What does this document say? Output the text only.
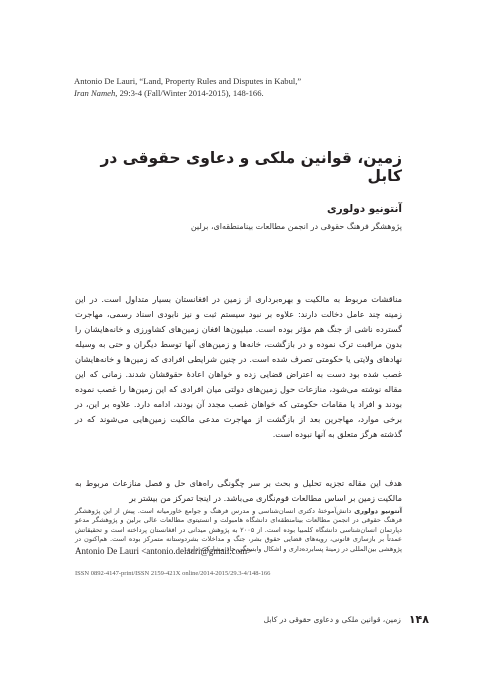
Antonio De Lauri, “Land, Property Rules and Disputes in Kabul,”
Iran Nameh, 29:3-4 (Fall/Winter 2014-2015), 148-166.
زمین، قوانین ملکی و دعاوی حقوقی در کابل
آنتونیو دولوری
پژوهشگر فرهنگ حقوقی در انجمن مطالعات بینامنطقه‌ای، برلین
مناقشات مربوط به مالکیت و بهره‌برداری از زمین در افغانستان بسیار متداول است. در این زمینه چند عامل دخالت دارند: علاوه بر نبود سیستم ثبت و نیز نابودی اسناد رسمی، مهاجرت گسترده ناشی از جنگ هم مؤثر بوده است. میلیون‌ها افغان زمین‌های کشاورزی و خانه‌هایشان را بدون مراقبت ترک نموده و در بازگشت، خانه‌ها و زمین‌های آنها توسط دیگران و حتی به وسیله نهادهای ولایتی یا حکومتی تصرف شده است. در چنین شرایطی افرادی که زمین‌ها و خانه‌هایشان غصب شده بود دست به اعتراض قضایی زده و خواهان اعادهٔ حقوقشان شدند. زمانی که این مقاله نوشته می‌شود، منازعات حول زمین‌های دولتی میان افرادی که این زمین‌ها را غصب نموده بودند و افراد یا مقامات حکومتی که خواهان غصب مجدد آن بودند، ادامه دارد. علاوه بر این، در برخی موارد، مهاجرین بعد از بازگشت از مهاجرت مدعی مالکیت زمین‌هایی می‌شوند که در گذشته هرگز متعلق به آنها نبوده است.
هدف این مقاله تجزیه تحلیل و بحث بر سر چگونگی راه‌های حل و فصل منازعات مربوط به مالکیت زمین بر اساس مطالعات قوم‌نگاری می‌باشد. در اینجا تمرکز من بیشتر بر
آنتونیو دولوری دانش‌آموختهٔ دکتری انسان‌شناسی و مدرس فرهنگ و جوامع خاورمیانه است. پیش از این پژوهشگر فرهنگ حقوقی در انجمن مطالعات بینامنطقه‌ای دانشگاه هامبولت و انستیتوی مطالعات عالی برلین و پژوهشگر مدعو دپارتمان انسان‌شناسی دانشگاه کلمبیا بوده است. از ۲۰۰۵ به پژوهش میدانی در افغانستان پرداخته است و تحقیقاتش عمدتاً بر بازسازی قانونی، رویه‌های قضایی حقوق بشر، جنگ و مداخلات بشردوستانه متمرکز بوده است. هم‌اکنون در پژوهشی بین‌المللی در زمینهٔ پسابرده‌داری و اشکال وابستگی حاد مشارکت دارد.
Antonio De Lauri <antonio.delauri@gmail.com>
ISSN 0892-4147-print/ISSN 2159-421X online/2014-2015/29.3-4/148-166
۱۴۸
زمین، قوانین ملکی و دعاوی حقوقی در کابل
